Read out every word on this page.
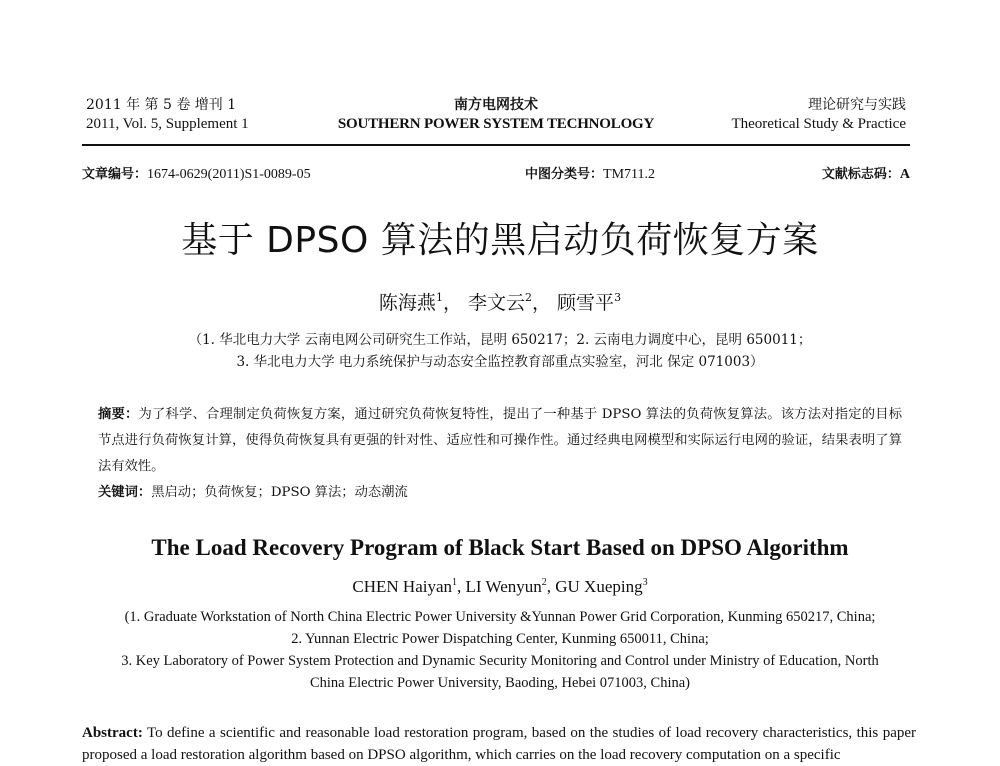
2011 年 第 5 卷 增刊 1	南方电网技术	理论研究与实践
2011, Vol. 5, Supplement 1	SOUTHERN POWER SYSTEM TECHNOLOGY	Theoretical Study & Practice
文章编号：1674-0629(2011)S1-0089-05	中图分类号：TM711.2	文献标志码：A
基于 DPSO 算法的黑启动负荷恢复方案
陈海燕$^1$， 李文云$^2$， 顾雪平$^3$
（1. 华北电力大学 云南电网公司研究生工作站，昆明 650217；2. 云南电力调度中心，昆明 650011；
3. 华北电力大学 电力系统保护与动态安全监控教育部重点实验室，河北 保定 071003）
摘要：为了科学、合理制定负荷恢复方案，通过研究负荷恢复特性，提出了一种基于 DPSO 算法的负荷恢复算法。该方法对指定的目标节点进行负荷恢复计算，使得负荷恢复具有更强的针对性、适应性和可操作性。通过经典电网模型和实际运行电网的验证，结果表明了算法有效性。
关键词：黑启动；负荷恢复；DPSO 算法；动态潮流
The Load Recovery Program of Black Start Based on DPSO Algorithm
CHEN Haiyan$^1$, LI Wenyun$^2$, GU Xueping$^3$
(1. Graduate Workstation of North China Electric Power University &Yunnan Power Grid Corporation, Kunming 650217, China;
2. Yunnan Electric Power Dispatching Center, Kunming 650011, China;
3. Key Laboratory of Power System Protection and Dynamic Security Monitoring and Control under Ministry of Education, North
China Electric Power University, Baoding, Hebei 071003, China)
Abstract: To define a scientific and reasonable load restoration program, based on the studies of load recovery characteristics, this paper proposed a load restoration algorithm based on DPSO algorithm, which carries on the load recovery computation on a specific
